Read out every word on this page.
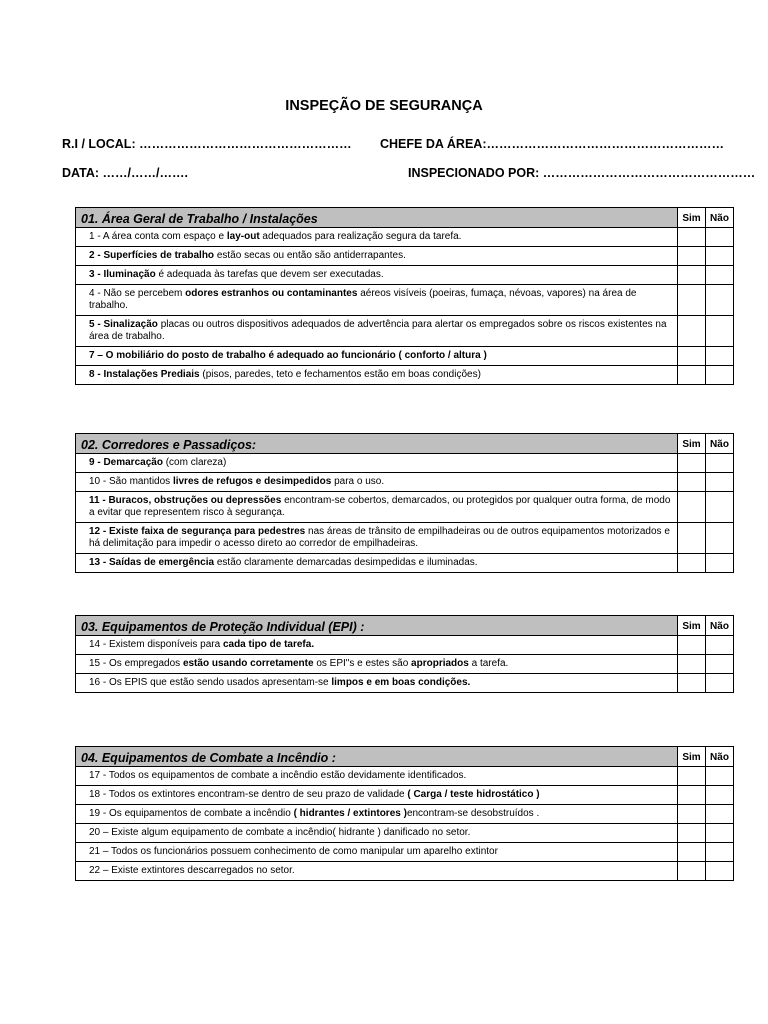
INSPEÇÃO DE SEGURANÇA
R.I / LOCAL: …………………………………………… CHEFE DA ÁREA:…………………………………………………
DATA: ……/……/…….	INSPECIONADO POR: ……………………………………………
01. Área Geral de Trabalho / Instalações	Sim	Não
1 - A área conta com espaço e lay-out adequados para realização segura da tarefa.		
2 - Superfícies de trabalho estão secas ou então são antiderrapantes.		
3 - Iluminação é adequada às tarefas que devem ser executadas.		
4 - Não se percebem odores estranhos ou contaminantes aéreos visíveis (poeiras, fumaça, névoas, vapores) na área de trabalho.		
5 - Sinalização placas ou outros dispositivos adequados de advertência para alertar os empregados sobre os riscos existentes na área de trabalho.		
7 – O mobiliário do posto de trabalho é adequado ao funcionário ( conforto / altura )		
8 - Instalações Prediais (pisos, paredes, teto e fechamentos estão em boas condições)		
02. Corredores e Passadiços:	Sim	Não
9 - Demarcação (com clareza)		
10 - São mantidos livres de refugos e desimpedidos para o uso.		
11 - Buracos, obstruções ou depressões encontram-se cobertos, demarcados, ou protegidos por qualquer outra forma, de modo a evitar que representem risco à segurança.		
12 - Existe faixa de segurança para pedestres nas áreas de trânsito de empilhadeiras ou de outros equipamentos motorizados e há delimitação para impedir o acesso direto ao corredor de empilhadeiras.		
13 - Saídas de emergência estão claramente demarcadas desimpedidas e iluminadas.		
03. Equipamentos de Proteção Individual (EPI) :	Sim	Não
14 - Existem disponíveis para cada tipo de tarefa.		
15 - Os empregados estão usando corretamente os EPI"s e estes são apropriados a tarefa.		
16 - Os EPIS que estão sendo usados apresentam-se limpos e em boas condições.		
04. Equipamentos de Combate a Incêndio :	Sim	Não
17 - Todos os equipamentos de combate a incêndio estão devidamente identificados.		
18 - Todos os extintores encontram-se dentro de seu prazo de validade ( Carga / teste hidrostático )		
19 - Os equipamentos de combate a incêndio ( hidrantes / extintores )encontram-se desobstruídos .		
20 – Existe algum equipamento de combate a incêndio( hidrante ) danificado no setor.		
21 – Todos os funcionários possuem conhecimento de como manipular um aparelho extintor		
22 – Existe extintores descarregados no setor.		
